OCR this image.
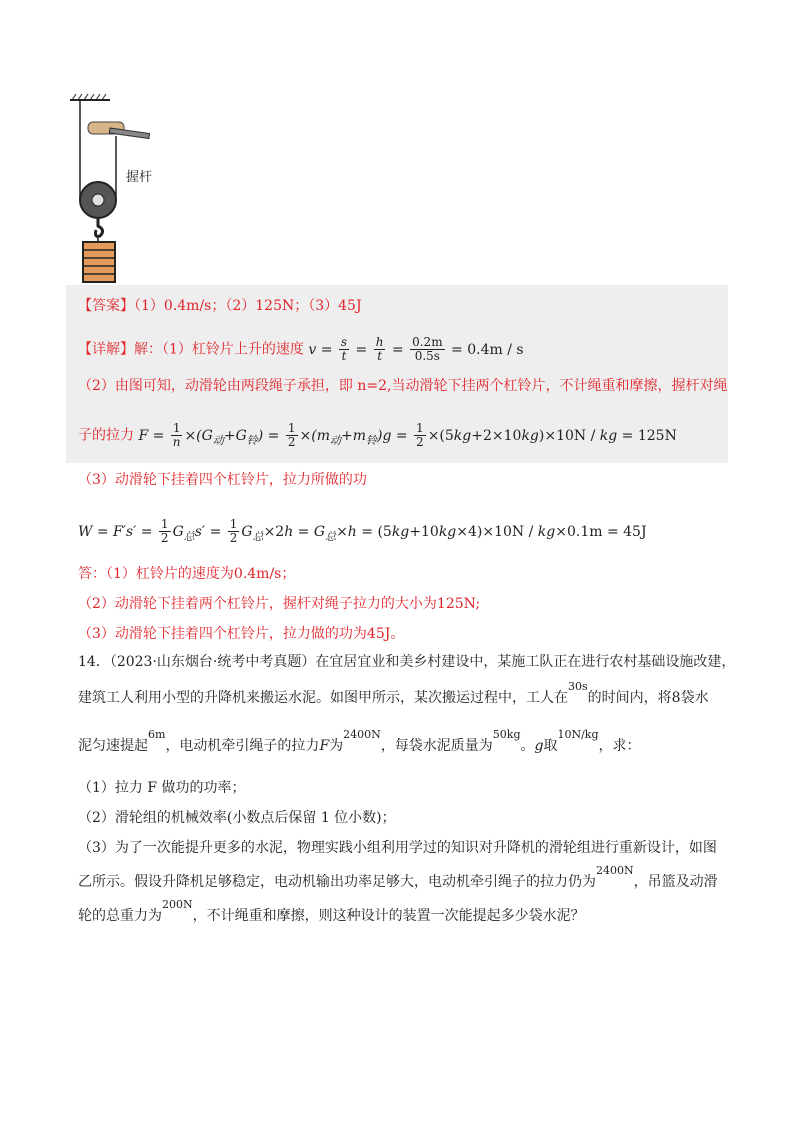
握杆
【答案】（1）0.4m/s；（2）125N；（3）45J
【详解】解：（1）杠铃片上升的速度 $v = \frac{s}{t} = \frac{h}{t} = \frac{0.2m}{0.5s} = 0.4m / s$
（2）由图可知，动滑轮由两段绳子承担，即 n=2,当动滑轮下挂两个杠铃片，不计绳重和摩擦，握杆对绳
子的拉力 $F = \frac{1}{n} \times(G_动+G_铃) = \frac{1}{2} \times(m_动+m_铃)g = \frac{1}{2} \times(5kg+2\times 10kg)\times 10N$ / kg = 125N
（3）动滑轮下挂着四个杠铃片，拉力所做的功
$W = F's' = \frac{1}{2} G_总s' = \frac{1}{2} G_总\times 2h = G_总\times h = (5kg+10kg\times 4)\times 10N / kg\times 0.1m = 45J$
答：（1）杠铃片的速度为0.4m/s；
（2）动滑轮下挂着两个杠铃片，握杆对绳子拉力的大小为125N;
（3）动滑轮下挂着四个杠铃片，拉力做的功为45J。
14．（2023·山东烟台·统考中考真题）在宜居宜业和美乡村建设中，某施工队正在进行农村基础设施改建，
建筑工人利用小型的升降机来搬运水泥。如图甲所示，某次搬运过程中，工人在$^{30s}$的时间内，将8袋水
泥匀速提起$^{6m}$，电动机牵引绳子的拉力F为$^{2400N}$，每袋水泥质量为$^{50kg}$。g取$^{10N/kg}$，求：
（1）拉力 F 做功的功率；
（2）滑轮组的机械效率(小数点后保留 1 位小数)；
（3）为了一次能提升更多的水泥，物理实践小组利用学过的知识对升降机的滑轮组进行重新设计，如图
乙所示。假设升降机足够稳定，电动机输出功率足够大，电动机牵引绳子的拉力仍为$^{2400N}$，吊篮及动滑
轮的总重力为$^{200N}$，不计绳重和摩擦，则这种设计的装置一次能提起多少袋水泥？
